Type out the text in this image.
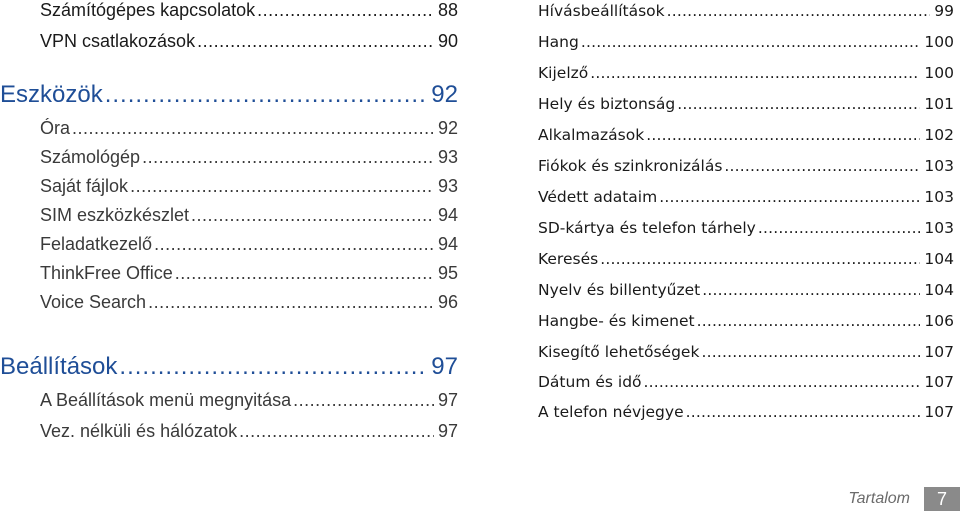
Számítógépes kapcsolatok .....	88
VPN csatlakozások .....	90
Eszközök .....	92
Óra .....	92
Számológép .....	93
Saját fájlok .....	93
SIM eszközkészlet .....	94
Feladatkezelő .....	94
ThinkFree Office .....	95
Voice Search .....	96
Beállítások .....	97
A Beállítások menü megnyitása .....	97
Vez. nélküli és hálózatok .....	97
Hívásbeállítások .....	99
Hang .....	100
Kijelző .....	100
Hely és biztonság .....	101
Alkalmazások .....	102
Fiókok és szinkronizálás .....	103
Védett adataim .....	103
SD-kártya és telefon tárhely .....	103
Keresés .....	104
Nyelv és billentyűzet .....	104
Hangbe- és kimenet .....	106
Kisegítő lehetőségek .....	107
Dátum és idő .....	107
A telefon névjegye .....	107
Tartalom	7
